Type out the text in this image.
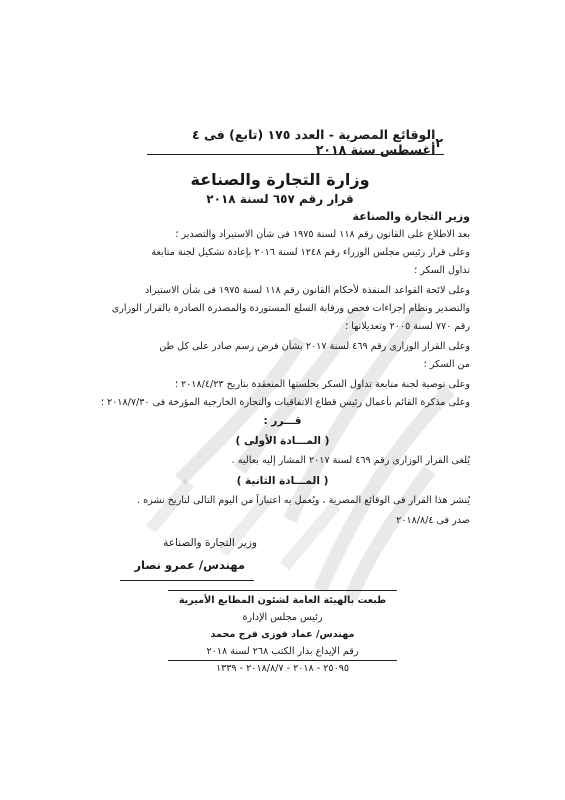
٢
الوقائع المصرية - العدد ١٧٥ (تابع) فى ٤ أغسطس سنة ٢٠١٨
وزارة التجارة والصناعة
قرار رقم ٦٥٧ لسنة ٢٠١٨
وزير التجارة والصناعة
بعد الاطلاع على القانون رقم ١١٨ لسنة ١٩٧٥ فى شأن الاستيراد والتصدير ؛
وعلى قرار رئيس مجلس الوزراء رقم ١٢٤٨ لسنة ٢٠١٦ بإعادة تشكيل لجنة متابعة
تداول السكر ؛
وعلى لائحة القواعد المنفذة لأحكام القانون رقم ١١٨ لسنة ١٩٧٥ فى شأن الاستيراد
والتصدير ونظام إجراءات فحص ورقابة السلع المستوردة والمصدرة الصادرة بالقرار الوزارى
رقم ٧٧٠ لسنة ٢٠٠٥ وتعديلاتها ؛
وعلى القرار الوزارى رقم ٤٦٩ لسنة ٢٠١٧ بشأن فرض رسم صادر على كل طن
من السكر ؛
وعلى توصية لجنة متابعة تداول السكر بجلستها المنعقدة بتاريخ ٢٠١٨/٤/٢٣ ؛
وعلى مذكرة القائم بأعمال رئيس قطاع الاتفاقيات والتجارة الخارجية المؤرخة فى ٢٠١٨/٧/٣٠ ؛
قـــرر :
( المـــادة الأولى )
يُلغى القرار الوزارى رقم ٤٦٩ لسنة ٢٠١٧ المشار إليه بعاليه .
( المـــادة الثانية )
يُنشر هذا القرار فى الوقائع المصرية ، ويُعمل به اعتباراً من اليوم التالى لتاريخ نشره .
صدر فى ٢٠١٨/٨/٤
وزير التجارة والصناعة
مهندس/ عمرو نصار
طبعت بالهيئة العامة لشئون المطابع الأميرية
رئيس مجلس الإدارة
مهندس/ عماد فوزى فرج محمد
رقم الإيداع بدار الكتب ٢٦٨ لسنة ٢٠١٨
٢٥٠٩٥ - ٢٠١٨ - ٢٠١٨/٨/٧ - ١٣٣٩
